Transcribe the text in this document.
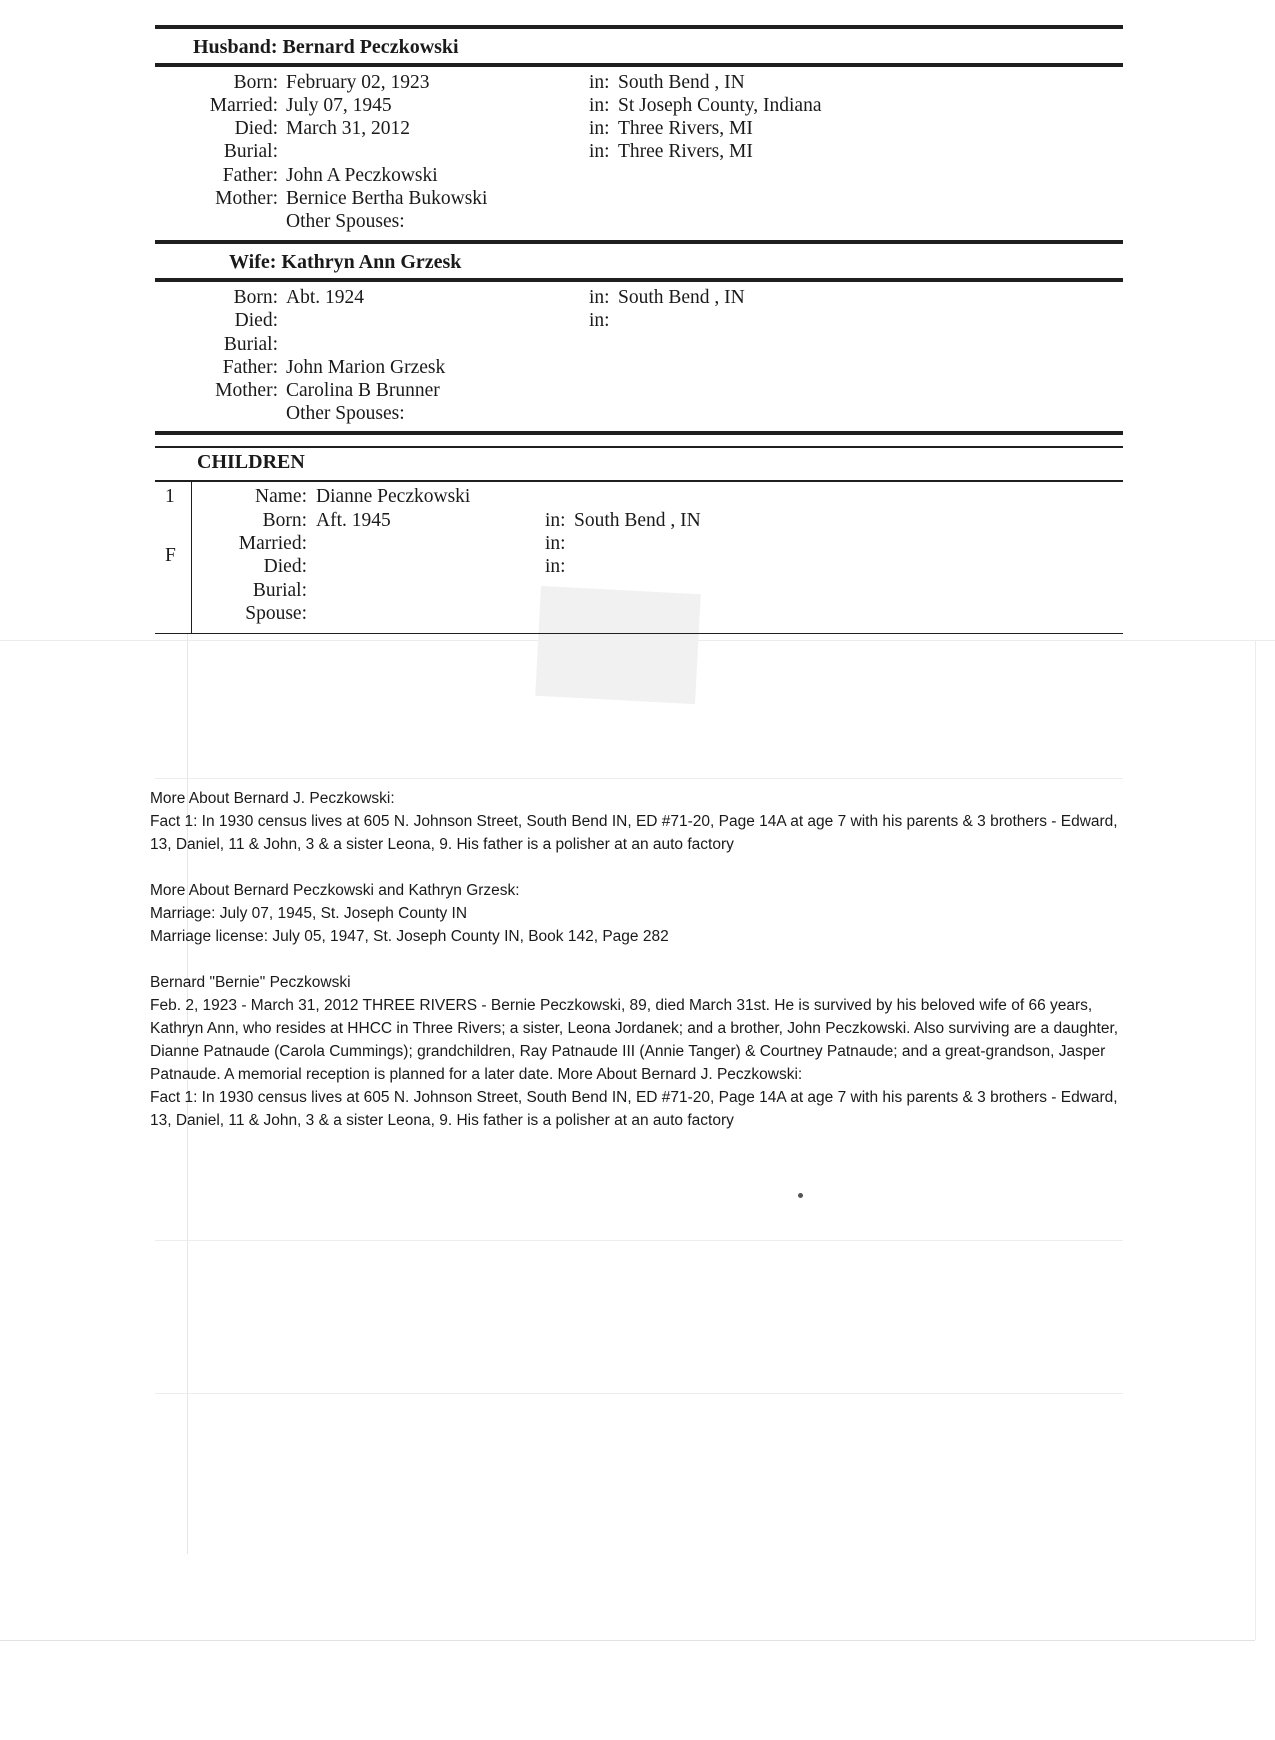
Husband: Bernard Peczkowski
Born: February 02, 1923	in: South Bend , IN
Married: July 07, 1945	in: St Joseph County, Indiana
Died: March 31, 2012	in: Three Rivers, MI
Burial:	in: Three Rivers, MI
Father: John A Peczkowski
Mother: Bernice Bertha Bukowski
Other Spouses:
Wife: Kathryn Ann Grzesk
Born: Abt. 1924	in: South Bend , IN
Died:	in:
Burial:
Father: John Marion Grzesk
Mother: Carolina B Brunner
Other Spouses:
CHILDREN
1
F
Name: Dianne Peczkowski
Born: Aft. 1945	in: South Bend , IN
Married:	in:
Died:	in:
Burial:
Spouse:

More About Bernard J. Peczkowski:

Fact 1: In 1930 census lives at 605 N. Johnson Street, South Bend IN, ED #71-20, Page 14A at age 7 with his parents & 3 brothers - Edward, 13, Daniel, 11 & John, 3 & a sister Leona, 9. His father is a polisher at an auto factory

More About Bernard Peczkowski and Kathryn Grzesk:

Marriage: July 07, 1945, St. Joseph County IN

Marriage license: July 05, 1947, St. Joseph County IN, Book 142, Page 282

Bernard "Bernie" Peczkowski

Feb. 2, 1923 - March 31, 2012 THREE RIVERS - Bernie Peczkowski, 89, died March 31st. He is survived by his beloved wife of 66 years, Kathryn Ann, who resides at HHCC in Three Rivers; a sister, Leona Jordanek; and a brother, John Peczkowski. Also surviving are a daughter, Dianne Patnaude (Carola Cummings); grandchildren, Ray Patnaude III (Annie Tanger) & Courtney Patnaude; and a great-grandson, Jasper Patnaude. A memorial reception is planned for a later date. More About Bernard J. Peczkowski:

Fact 1: In 1930 census lives at 605 N. Johnson Street, South Bend IN, ED #71-20, Page 14A at age 7 with his parents & 3 brothers - Edward, 13, Daniel, 11 & John, 3 & a sister Leona, 9. His father is a polisher at an auto factory
